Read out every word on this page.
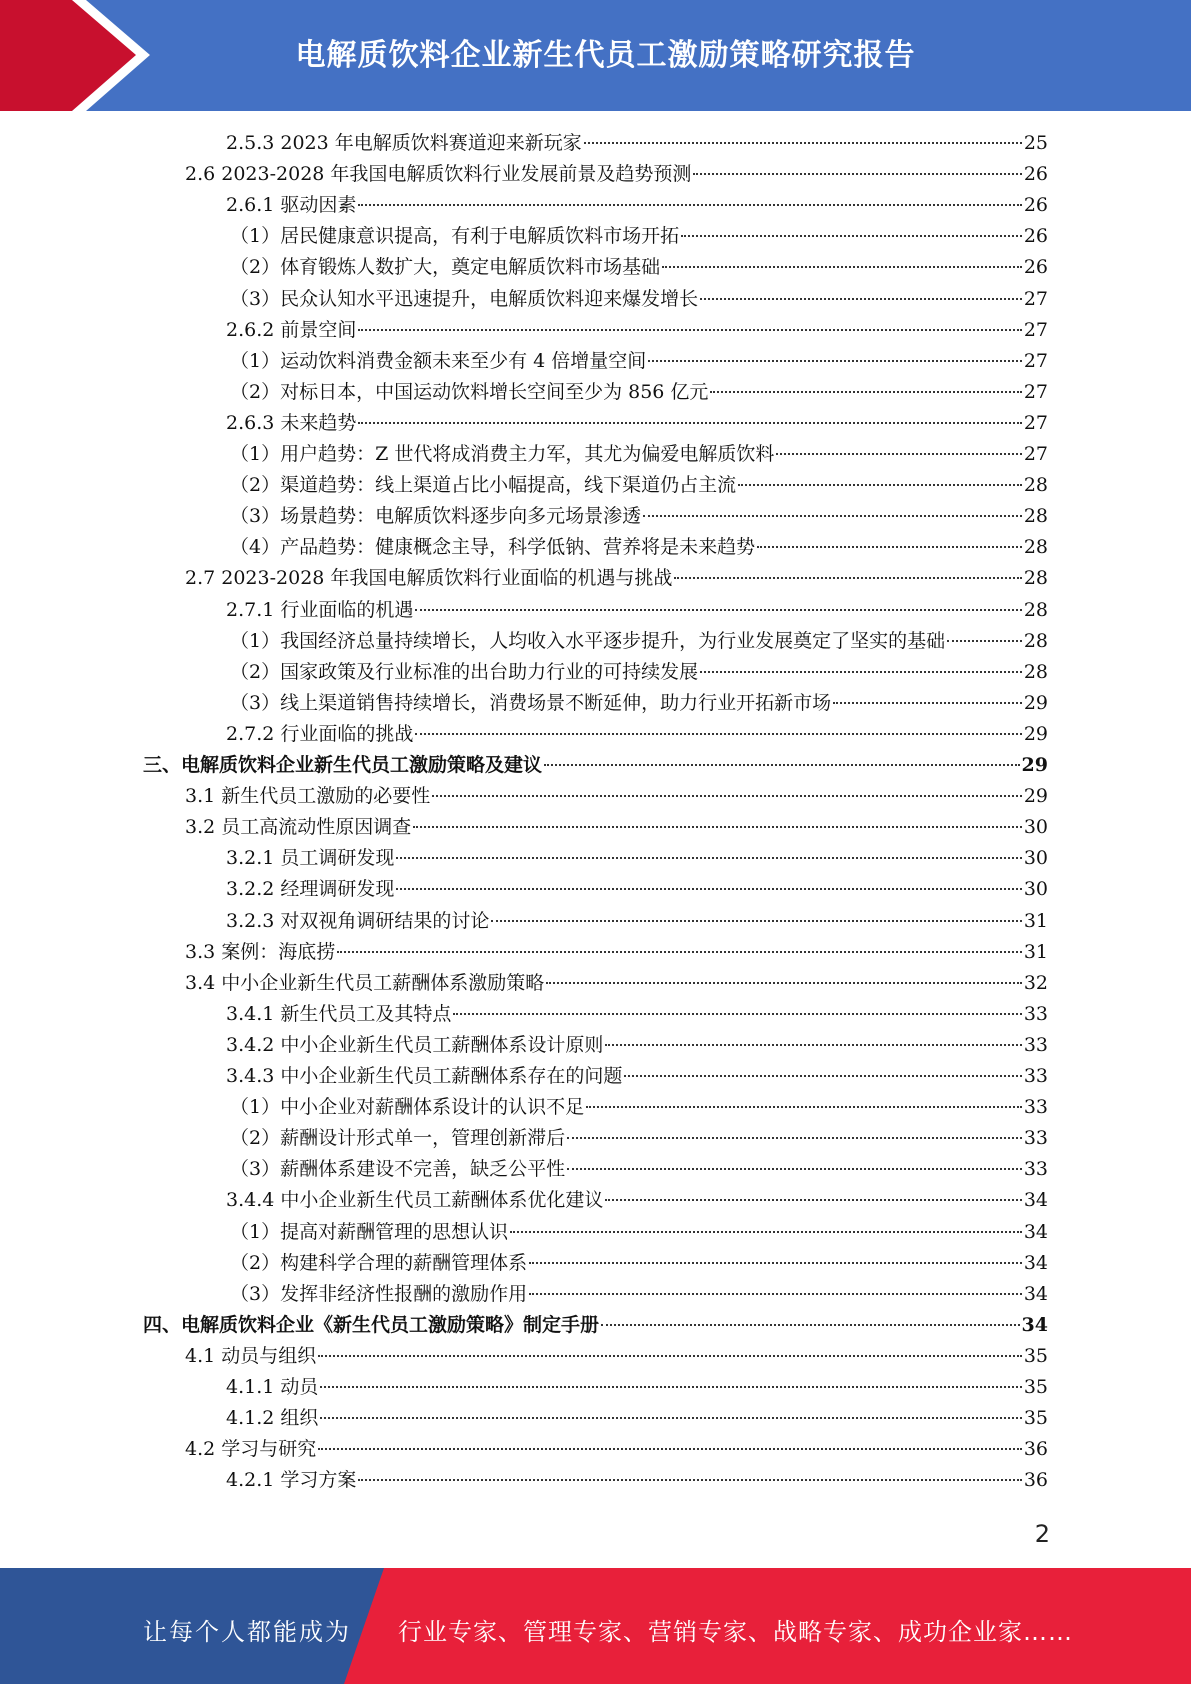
电解质饮料企业新生代员工激励策略研究报告
2.5.3 2023 年电解质饮料赛道迎来新玩家	25
2.6 2023-2028 年我国电解质饮料行业发展前景及趋势预测	26
2.6.1 驱动因素	26
（1）居民健康意识提高，有利于电解质饮料市场开拓	26
（2）体育锻炼人数扩大，奠定电解质饮料市场基础	26
（3）民众认知水平迅速提升，电解质饮料迎来爆发增长	27
2.6.2 前景空间	27
（1）运动饮料消费金额未来至少有 4 倍增量空间	27
（2）对标日本，中国运动饮料增长空间至少为 856 亿元	27
2.6.3 未来趋势	27
（1）用户趋势：Z 世代将成消费主力军，其尤为偏爱电解质饮料	27
（2）渠道趋势：线上渠道占比小幅提高，线下渠道仍占主流	28
（3）场景趋势：电解质饮料逐步向多元场景渗透	28
（4）产品趋势：健康概念主导，科学低钠、营养将是未来趋势	28
2.7 2023-2028 年我国电解质饮料行业面临的机遇与挑战	28
2.7.1 行业面临的机遇	28
（1）我国经济总量持续增长，人均收入水平逐步提升，为行业发展奠定了坚实的基础	28
（2）国家政策及行业标准的出台助力行业的可持续发展	28
（3）线上渠道销售持续增长，消费场景不断延伸，助力行业开拓新市场	29
2.7.2 行业面临的挑战	29
三、电解质饮料企业新生代员工激励策略及建议	29
3.1 新生代员工激励的必要性	29
3.2 员工高流动性原因调查	30
3.2.1 员工调研发现	30
3.2.2 经理调研发现	30
3.2.3 对双视角调研结果的讨论	31
3.3 案例：海底捞	31
3.4 中小企业新生代员工薪酬体系激励策略	32
3.4.1 新生代员工及其特点	33
3.4.2 中小企业新生代员工薪酬体系设计原则	33
3.4.3 中小企业新生代员工薪酬体系存在的问题	33
（1）中小企业对薪酬体系设计的认识不足	33
（2）薪酬设计形式单一，管理创新滞后	33
（3）薪酬体系建设不完善，缺乏公平性	33
3.4.4 中小企业新生代员工薪酬体系优化建议	34
（1）提高对薪酬管理的思想认识	34
（2）构建科学合理的薪酬管理体系	34
（3）发挥非经济性报酬的激励作用	34
四、电解质饮料企业《新生代员工激励策略》制定手册	34
4.1 动员与组织	35
4.1.1 动员	35
4.1.2 组织	35
4.2 学习与研究	36
4.2.1 学习方案	36
2
让每个人都能成为 行业专家、管理专家、营销专家、战略专家、成功企业家……
